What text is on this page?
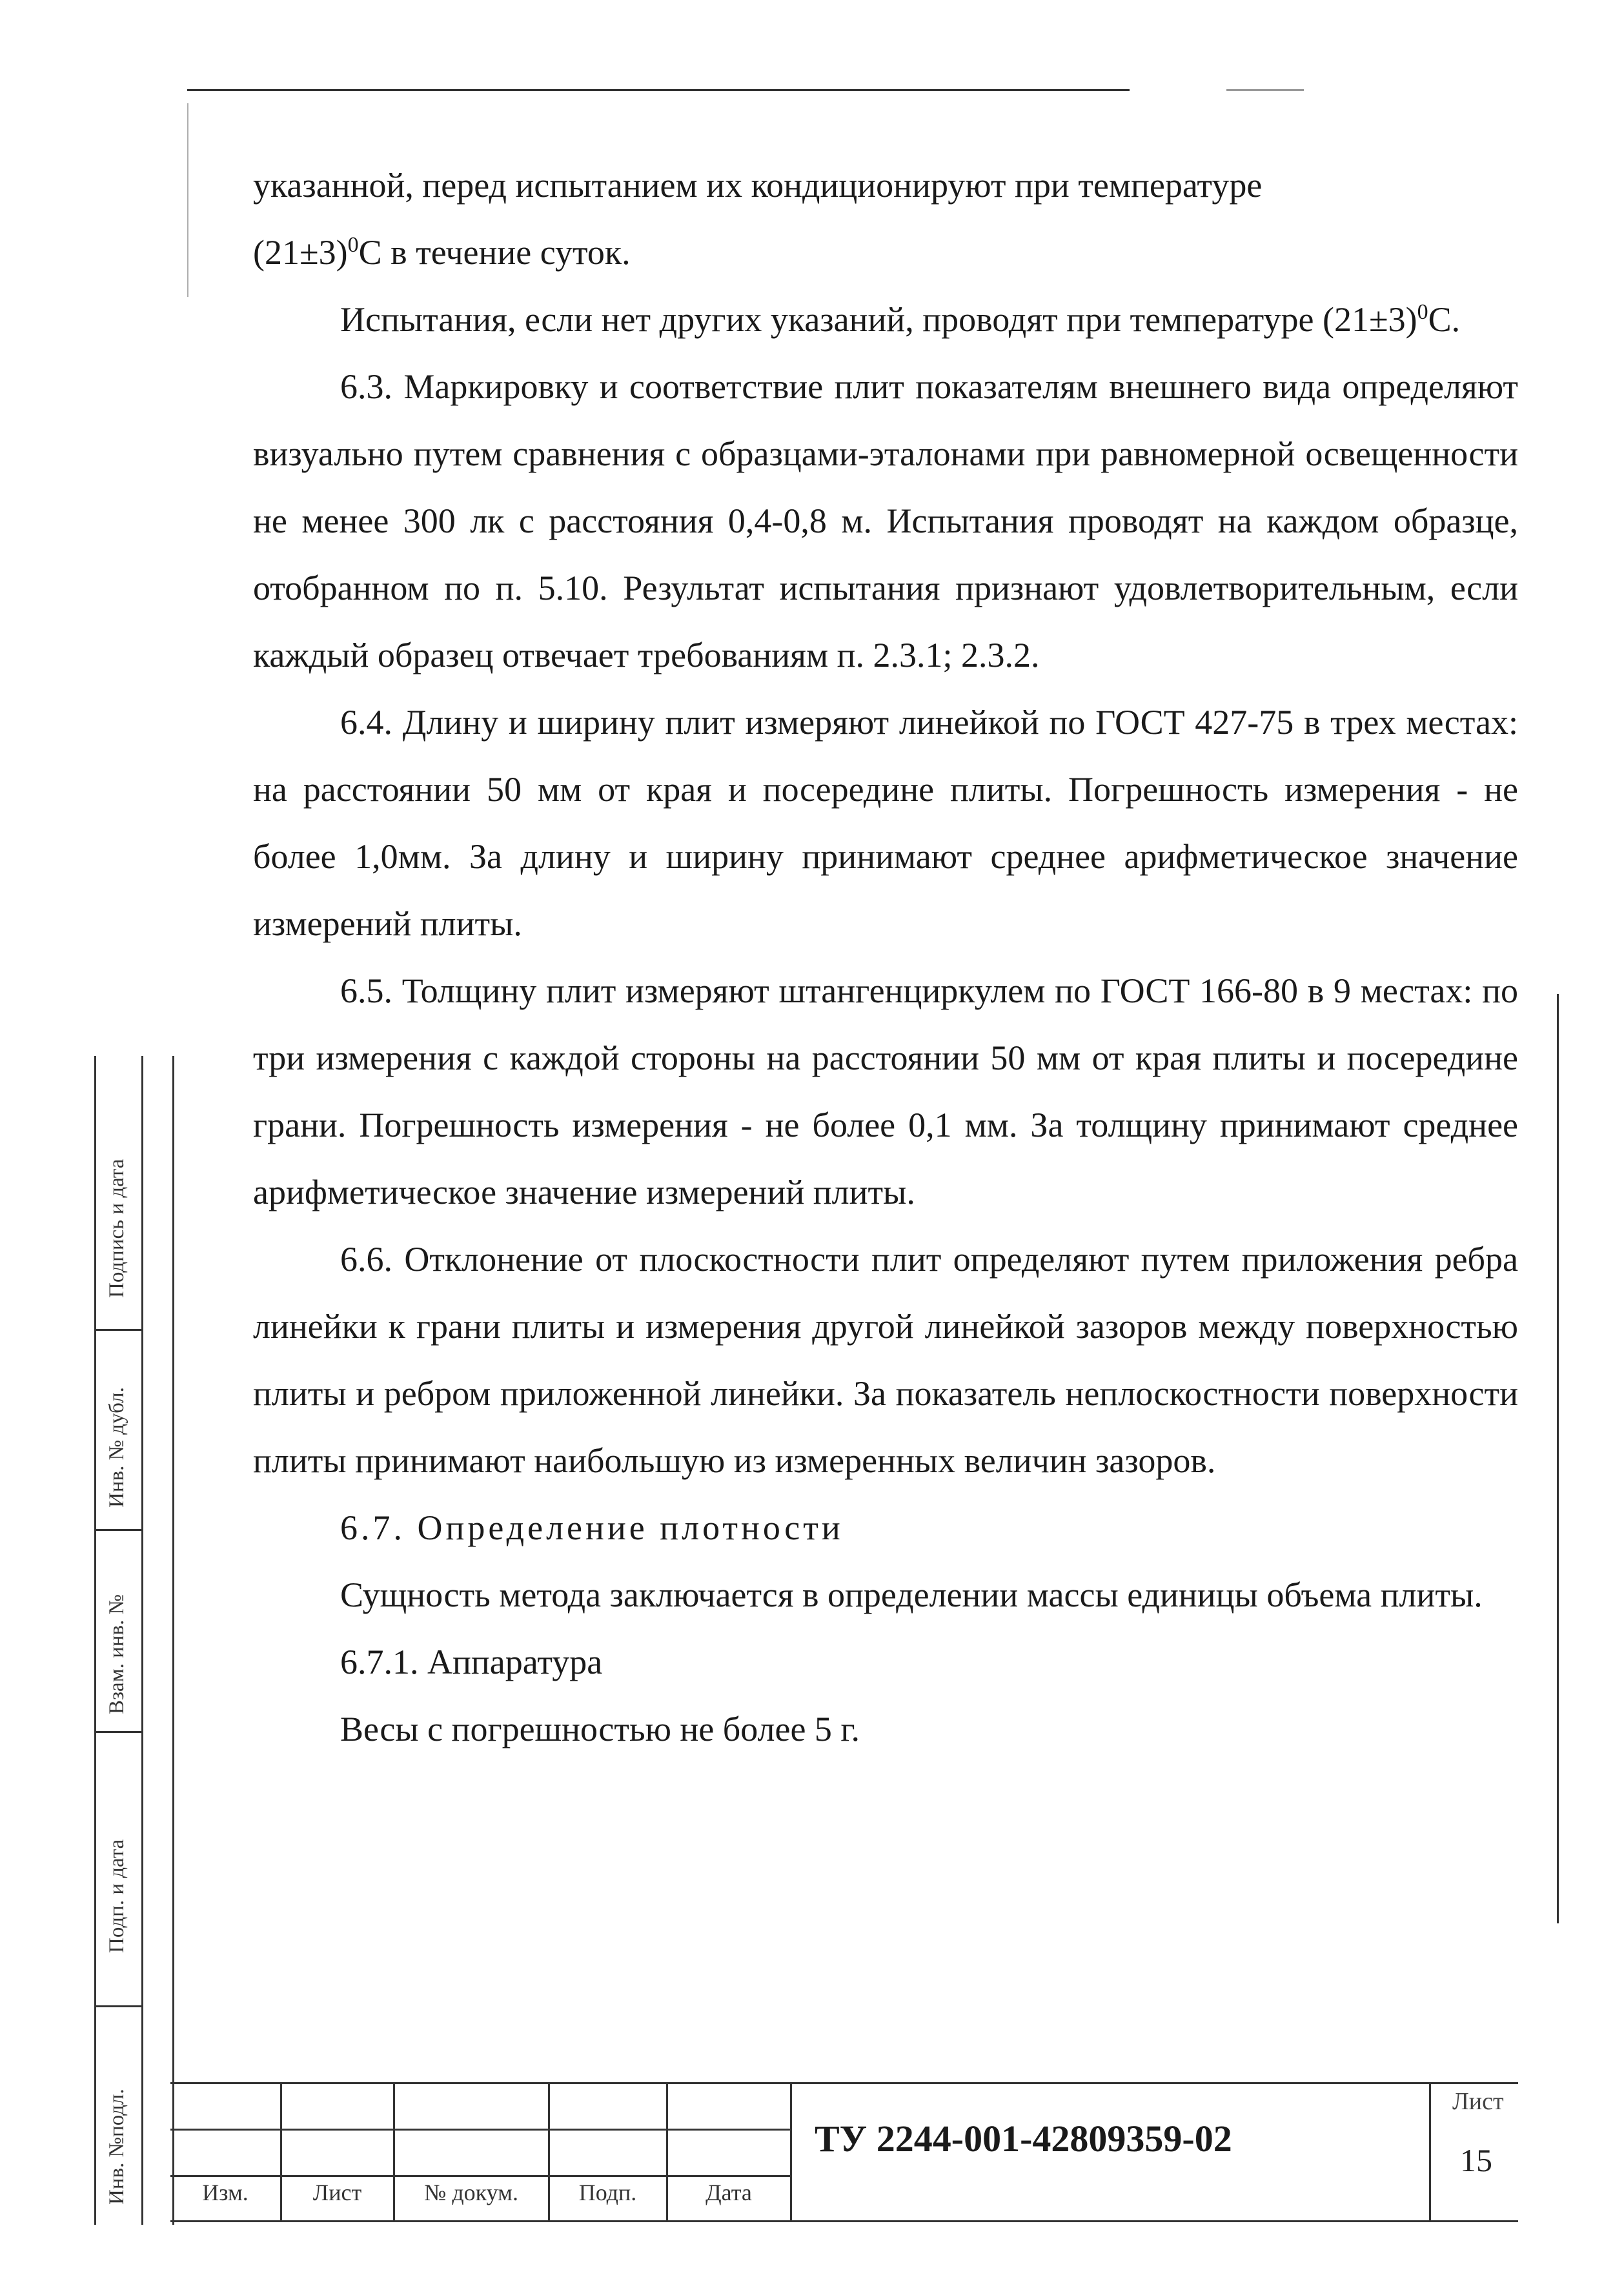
указанной, перед испытанием их кондиционируют при температуре
$(21\pm 3)^0С$ в течение суток.

Испытания, если нет других указаний, проводят при температуре $(21\pm 3)^0С$.

6.3. Маркировку и соответствие плит показателям внешнего вида определяют визуально путем сравнения с образцами-эталонами при равномерной освещенности не менее 300 лк с расстояния 0,4-0,8 м. Испытания проводят на каждом образце, отобранном по п. 5.10. Результат испытания признают удовлетворительным, если каждый образец отвечает требованиям п. 2.3.1; 2.3.2.

6.4. Длину и ширину плит измеряют линейкой по ГОСТ 427-75 в трех местах: на расстоянии 50 мм от края и посередине плиты. Погрешность измерения - не более 1,0мм. За длину и ширину принимают среднее арифметическое значение измерений плиты.

6.5. Толщину плит измеряют штангенциркулем по ГОСТ 166-80 в 9 местах: по три измерения с каждой стороны на расстоянии 50 мм от края плиты и посередине грани. Погрешность измерения - не более 0,1 мм. За толщину принимают среднее арифметическое значение измерений плиты.

6.6. Отклонение от плоскостности плит определяют путем приложения ребра линейки к грани плиты и измерения другой линейкой зазоров между поверхностью плиты и ребром приложенной линейки. За показатель неплоскостности поверхности плиты принимают наибольшую из измеренных величин зазоров.

6.7. Определение плотности

Сущность метода заключается в определении массы единицы объема плиты.

6.7.1. Аппаратура

Весы с погрешностью не более 5 г.

Подпись и дата
Инв. № дубл.
Взам. инв. №
Подп. и дата
Инв. №подл.	Изм.	Лист	№ докум.	Подп.	Дата
ТУ 2244-001-42809359-02
Лист
15
